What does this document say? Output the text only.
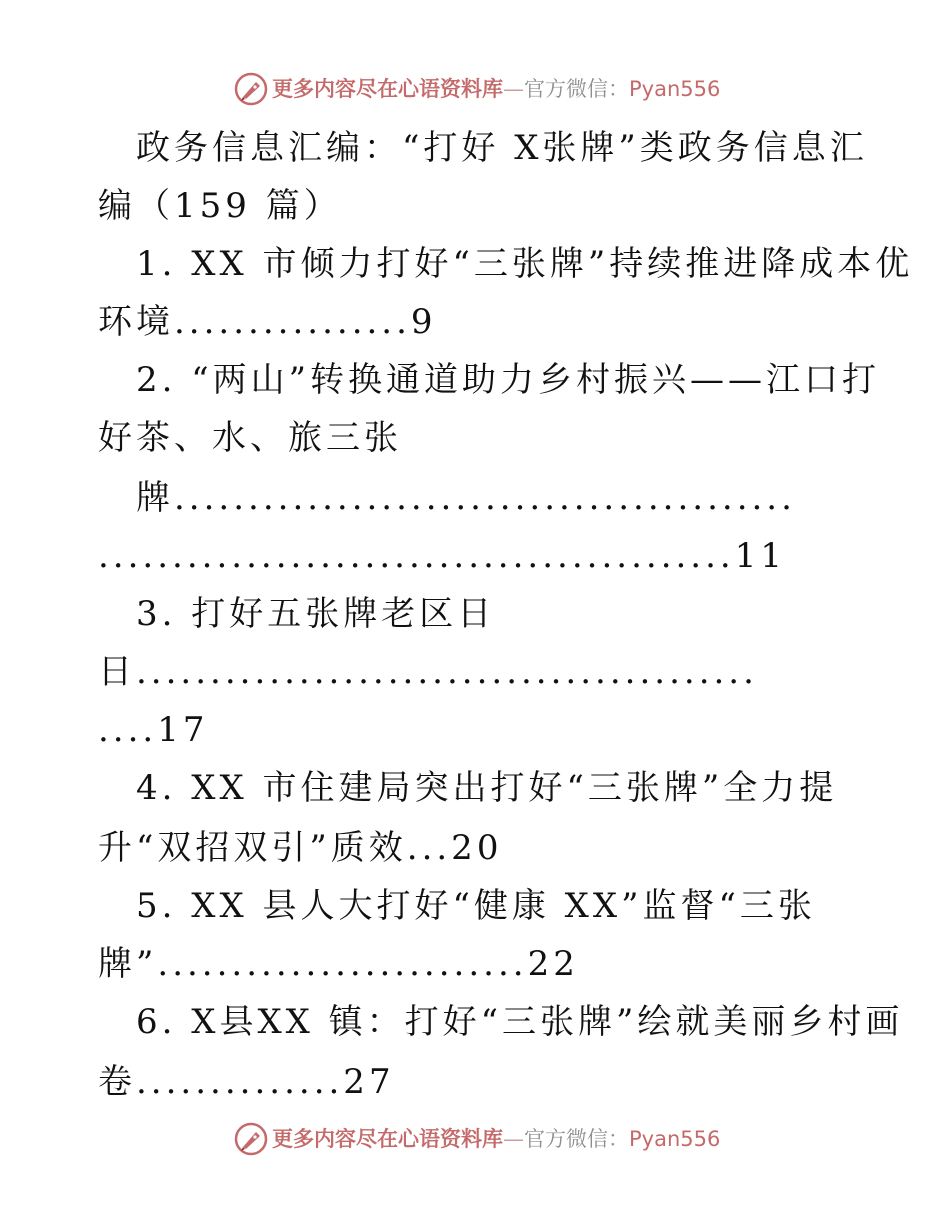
更多内容尽在心语资料库—官方微信：Pyan556
政务信息汇编：“打好 X张牌”类政务信息汇
编（159 篇）
1. XX 市倾力打好“三张牌”持续推进降成本优
环境................9
2. “两山”转换通道助力乡村振兴——江口打
好茶、水、旅三张
牌..........................................
...........................................11
3. 打好五张牌老区日
日..........................................
....17
4. XX 市住建局突出打好“三张牌”全力提
升“双招双引”质效...20
5. XX 县人大打好“健康 XX”监督“三张
牌”.........................22
6. X县XX 镇：打好“三张牌”绘就美丽乡村画
卷..............27
更多内容尽在心语资料库—官方微信：Pyan556
